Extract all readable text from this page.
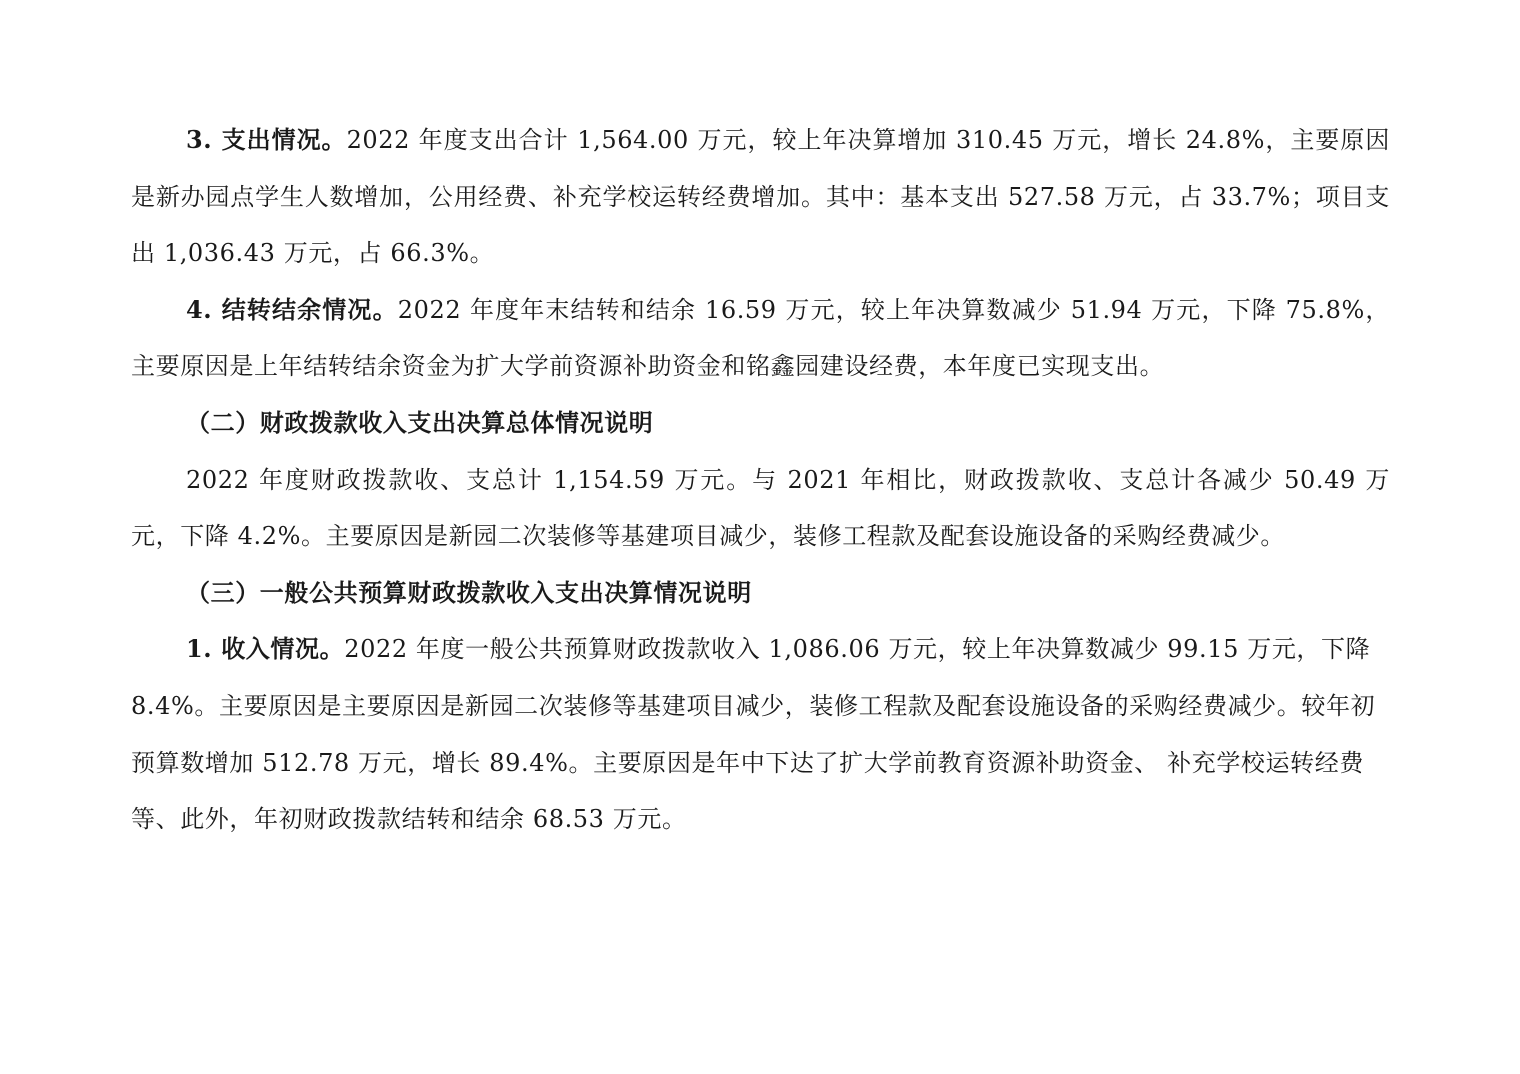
3. 支出情况。2022 年度支出合计 1,564.00 万元，较上年决算增加 310.45 万元，增长 24.8%，主要原因是新办园点学生人数增加，公用经费、补充学校运转经费增加。其中：基本支出 527.58 万元，占 33.7%；项目支出 1,036.43 万元，占 66.3%。

4. 结转结余情况。2022 年度年末结转和结余 16.59 万元，较上年决算数减少 51.94 万元，下降 75.8%，主要原因是上年结转结余资金为扩大学前资源补助资金和铭鑫园建设经费，本年度已实现支出。

（二）财政拨款收入支出决算总体情况说明

2022 年度财政拨款收、支总计 1,154.59 万元。与 2021 年相比，财政拨款收、支总计各减少 50.49 万元，下降 4.2%。主要原因是新园二次装修等基建项目减少，装修工程款及配套设施设备的采购经费减少。

（三）一般公共预算财政拨款收入支出决算情况说明

1. 收入情况。2022 年度一般公共预算财政拨款收入 1,086.06 万元，较上年决算数减少 99.15 万元，下降 8.4%。主要原因是主要原因是新园二次装修等基建项目减少，装修工程款及配套设施设备的采购经费减少。较年初预算数增加 512.78 万元，增长 89.4%。主要原因是年中下达了扩大学前教育资源补助资金、 补充学校运转经费等、此外，年初财政拨款结转和结余 68.53 万元。
